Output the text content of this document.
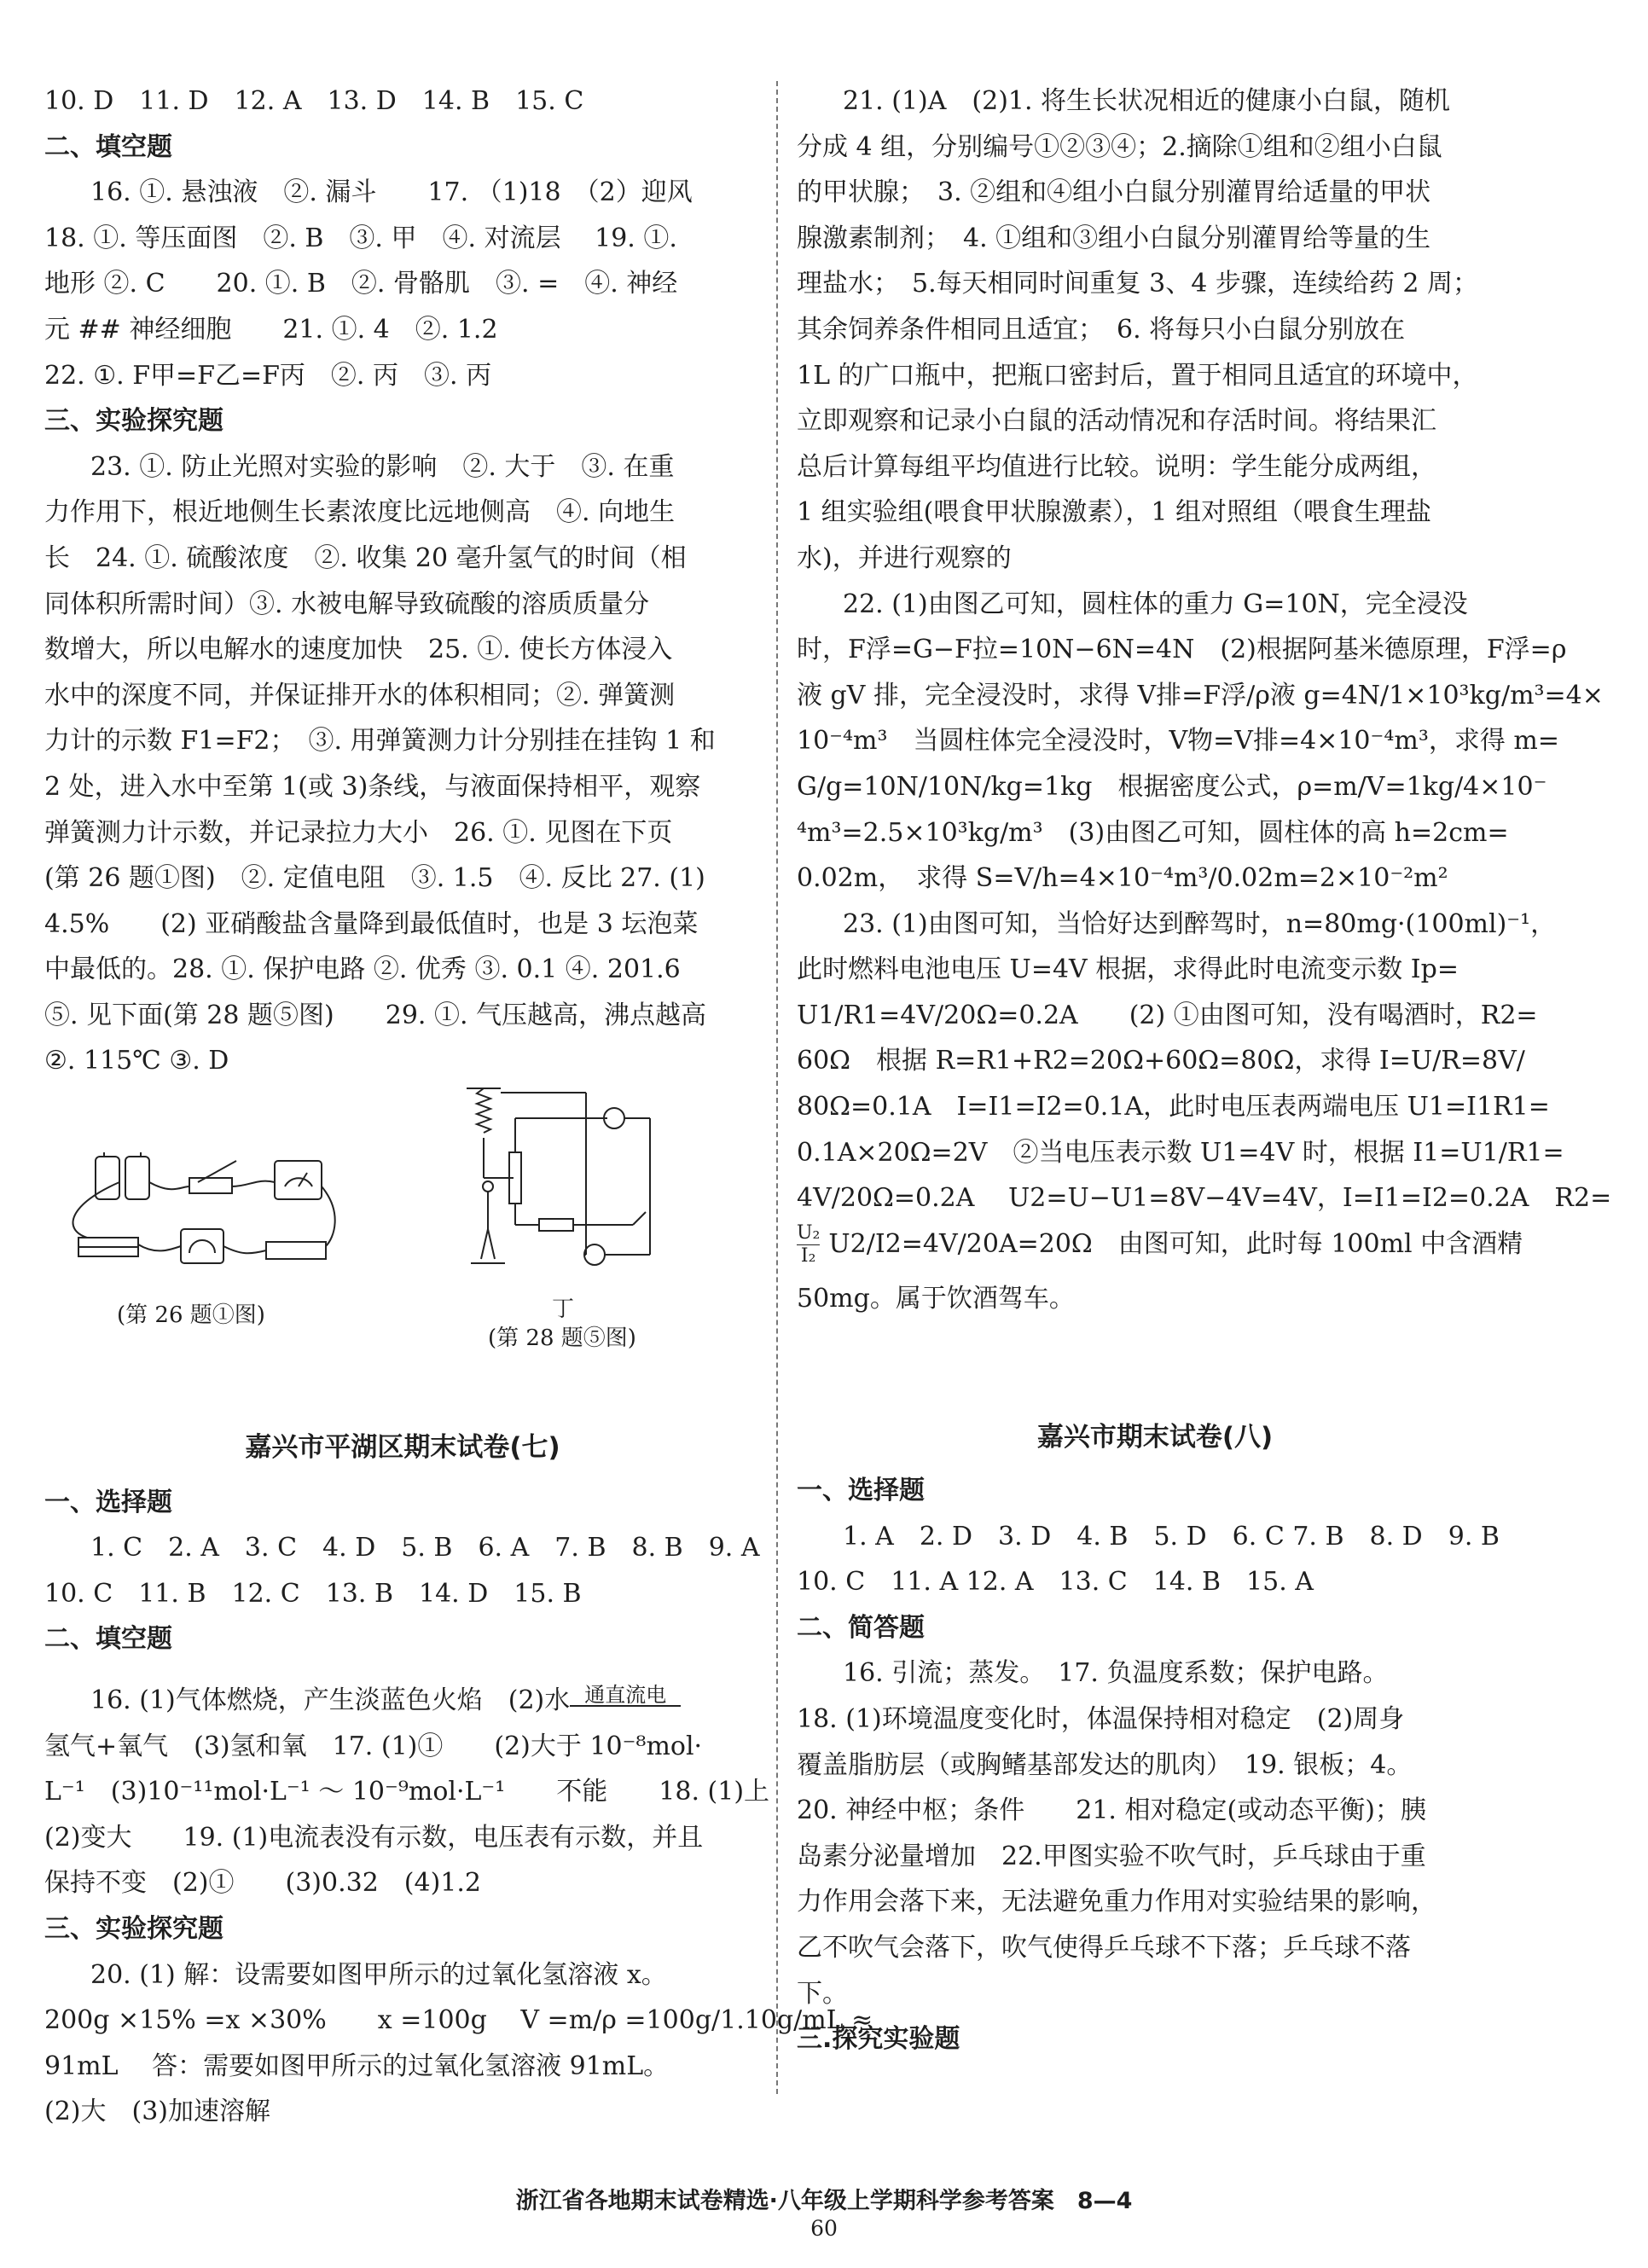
10. D　11. D　12. A　13. D　14. B　15. C
二、填空题
16. ①. 悬浊液　②. 漏斗　　17. （1)18　（2）迎风
18. ①. 等压面图　②. B　③. 甲　④. 对流层　 19. ①.
地形 ②. C　　20. ①. B　②. 骨骼肌　③. =　④. 神经
元 ## 神经细胞　　21. ①. 4　②. 1.2
22. ①. F甲=F乙=F丙　②. 丙　③. 丙
三、实验探究题
23. ①. 防止光照对实验的影响　②. 大于　③. 在重
力作用下，根近地侧生长素浓度比远地侧高　④. 向地生
长　24. ①. 硫酸浓度　②. 收集 20 毫升氢气的时间（相
同体积所需时间）③. 水被电解导致硫酸的溶质质量分
数增大，所以电解水的速度加快　25. ①. 使长方体浸入
水中的深度不同，并保证排开水的体积相同；②. 弹簧测
力计的示数 F1=F2；　③. 用弹簧测力计分别挂在挂钩 1 和
2 处，进入水中至第 1(或 3)条线，与液面保持相平，观察
弹簧测力计示数，并记录拉力大小　26. ①. 见图在下页
(第 26 题①图)　②. 定值电阻　③. 1.5　④. 反比 27. (1)
4.5%　　(2) 亚硝酸盐含量降到最低值时，也是 3 坛泡菜
中最低的。28. ①. 保护电路 ②. 优秀 ③. 0.1 ④. 201.6
⑤. 见下面(第 28 题⑤图)　　29. ①. 气压越高，沸点越高
②. 115℃ ③. D
(第 26 题①图)	丁
(第 28 题⑤图)
嘉兴市平湖区期末试卷(七)
一、选择题
1. C　2. A　3. C　4. D　5. B　6. A　7. B　8. B　9. A
10. C　11. B　12. C　13. B　14. D　15. B
二、填空题
16. (1)气体燃烧，产生淡蓝色火焰　(2)水 通直流电
氢气+氧气　(3)氢和氧　17. (1)①　　(2)大于 10⁻⁸mol·
L⁻¹　(3)10⁻¹¹mol·L⁻¹ ～ 10⁻⁹mol·L⁻¹　　不能　　18. (1)上
(2)变大　　19. (1)电流表没有示数，电压表有示数，并且
保持不变　(2)①　　(3)0.32　(4)1.2
三、实验探究题
20. (1) 解：设需要如图甲所示的过氧化氢溶液 x。
200g ×15% =x ×30%　　x =100g　 V =m/ρ =100g/1.10g/mL ≈
91mL　 答：需要如图甲所示的过氧化氢溶液 91mL。
(2)大　(3)加速溶解
21. (1)A　(2)1. 将生长状况相近的健康小白鼠，随机
分成 4 组，分别编号①②③④；2.摘除①组和②组小白鼠
的甲状腺；　3. ②组和④组小白鼠分别灌胃给适量的甲状
腺激素制剂；　4. ①组和③组小白鼠分别灌胃给等量的生
理盐水；　5.每天相同时间重复 3、4 步骤，连续给药 2 周；
其余饲养条件相同且适宜；　6. 将每只小白鼠分别放在
1L 的广口瓶中，把瓶口密封后，置于相同且适宜的环境中，
立即观察和记录小白鼠的活动情况和存活时间。将结果汇
总后计算每组平均值进行比较。说明：学生能分成两组，
1 组实验组(喂食甲状腺激素），1 组对照组（喂食生理盐
水)，并进行观察的
22. (1)由图乙可知，圆柱体的重力 G=10N，完全浸没
时，F浮=G−F拉=10N−6N=4N　(2)根据阿基米德原理，F浮=ρ
液 gV 排，完全浸没时，求得 V排=F浮/ρ液 g=4N/1×10³kg/m³=4×
10⁻⁴m³　当圆柱体完全浸没时，V物=V排=4×10⁻⁴m³，求得 m=
G/g=10N/10N/kg=1kg　根据密度公式，ρ=m/V=1kg/4×10⁻
⁴m³=2.5×10³kg/m³　(3)由图乙可知，圆柱体的高 h=2cm=
0.02m，　求得 S=V/h=4×10⁻⁴m³/0.02m=2×10⁻²m²
23. (1)由图可知，当恰好达到醉驾时，n=80mg·(100ml)⁻¹，
此时燃料电池电压 U=4V 根据，求得此时电流变示数 Ip=
U1/R1=4V/20Ω=0.2A　　(2) ①由图可知，没有喝酒时，R2=
60Ω　根据 R=R1+R2=20Ω+60Ω=80Ω，求得 I=U/R=8V/
80Ω=0.1A　I=I1=I2=0.1A，此时电压表两端电压 U1=I1R1=
0.1A×20Ω=2V　②当电压表示数 U1=4V 时，根据 I1=U1/R1=
4V/20Ω=0.2A　 U2=U−U1=8V−4V=4V，I=I1=I2=0.2A　R2=
$\frac{\text{U₂}}{\text{I₂}} U2/I2=4V/20A=20\Omega$　由图可知，此时每 100ml 中含酒精
50mg。属于饮酒驾车。
嘉兴市期末试卷(八)
一、选择题
1. A　2. D　3. D　4. B　5. D　6. C 7. B　8. D　9. B
10. C　11. A 12. A　13. C　14. B　15. A
二、简答题
16. 引流；蒸发。　17. 负温度系数；保护电路。
18. (1)环境温度变化时，体温保持相对稳定　(2)周身
覆盖脂肪层（或胸鳍基部发达的肌肉）　19. 银板；4。
20. 神经中枢；条件　　21. 相对稳定(或动态平衡)；胰
岛素分泌量增加　22.甲图实验不吹气时，乒乓球由于重
力作用会落下来，无法避免重力作用对实验结果的影响，
乙不吹气会落下，吹气使得乒乓球不下落；乒乓球不落
下。
三.探究实验题
浙江省各地期末试卷精选·八年级上学期科学参考答案　8—4
60
